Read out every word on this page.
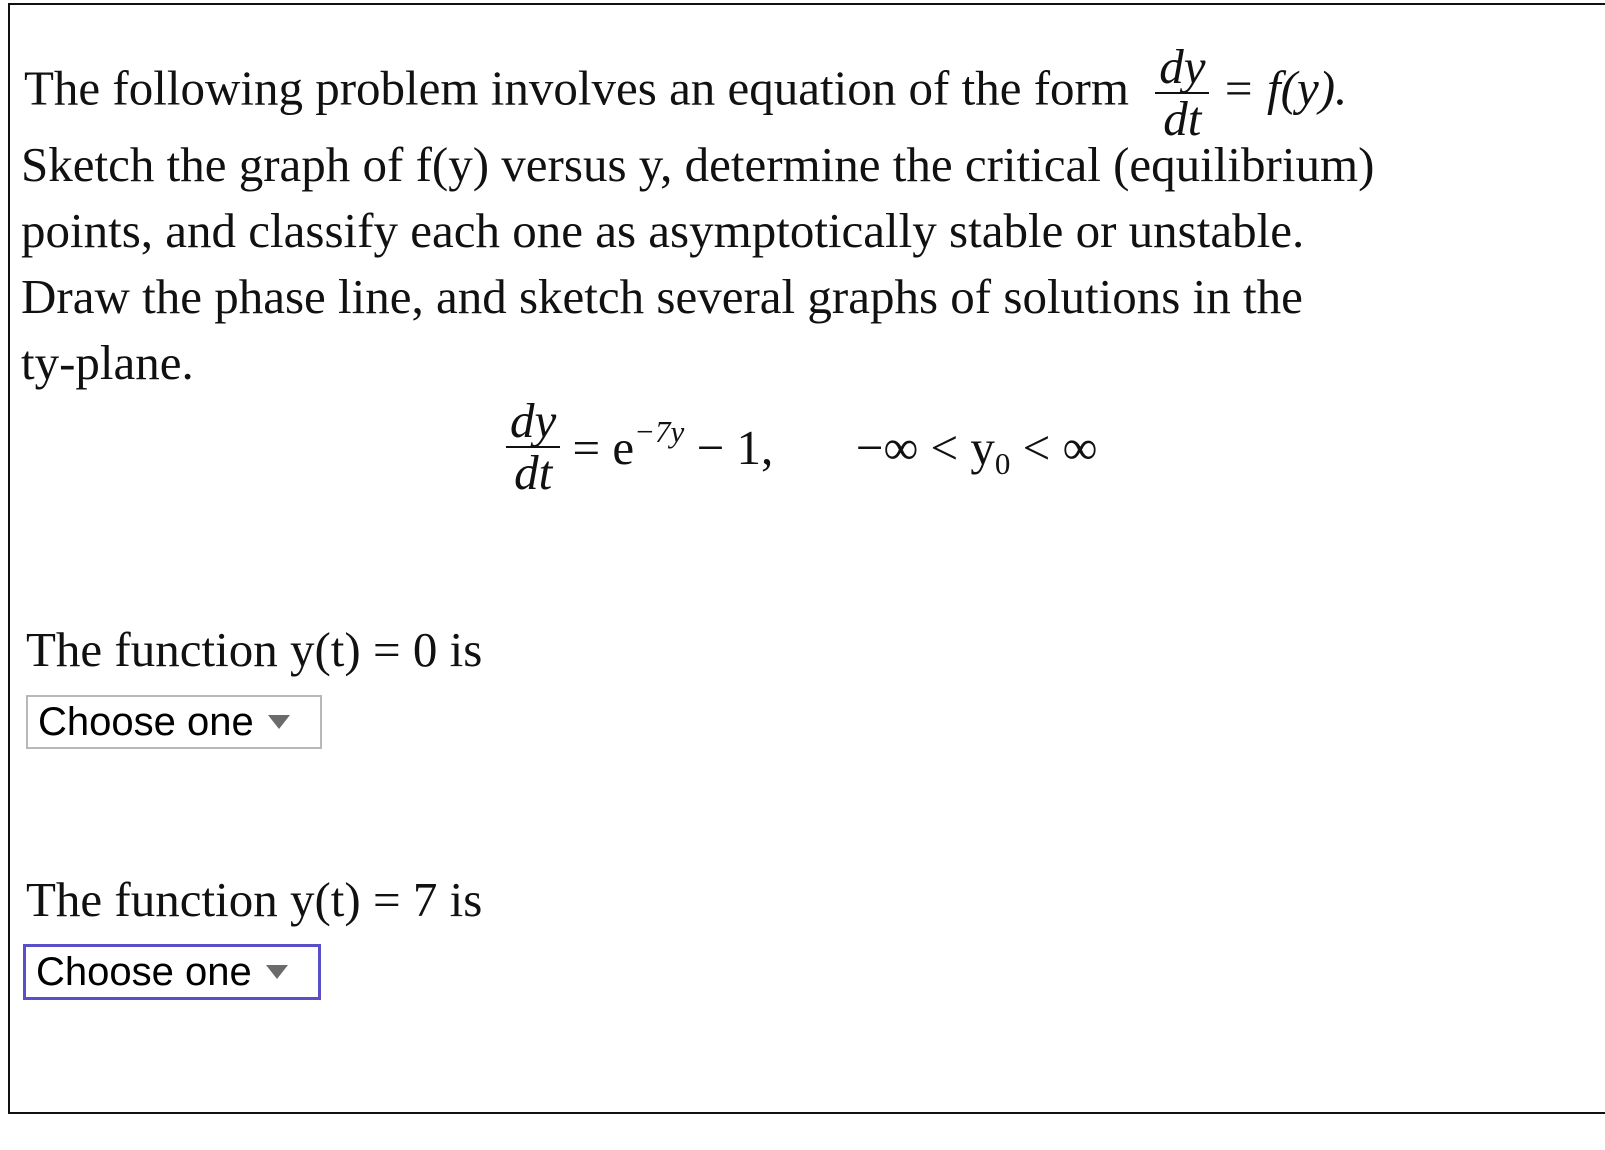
The following problem involves an equation of the form $\frac{dy}{dt} = f(y)$.
Sketch the graph of f(y) versus y, determine the critical (equilibrium)
points, and classify each one as asymptotically stable or unstable.
Draw the phase line, and sketch several graphs of solutions in the
ty-plane.
$\frac{dy}{dt} = e^{-7y} - 1$, −∞ < $y_0$ < ∞
The function y(t) = 0 is
Choose one
The function y(t) = 7 is
Choose one
